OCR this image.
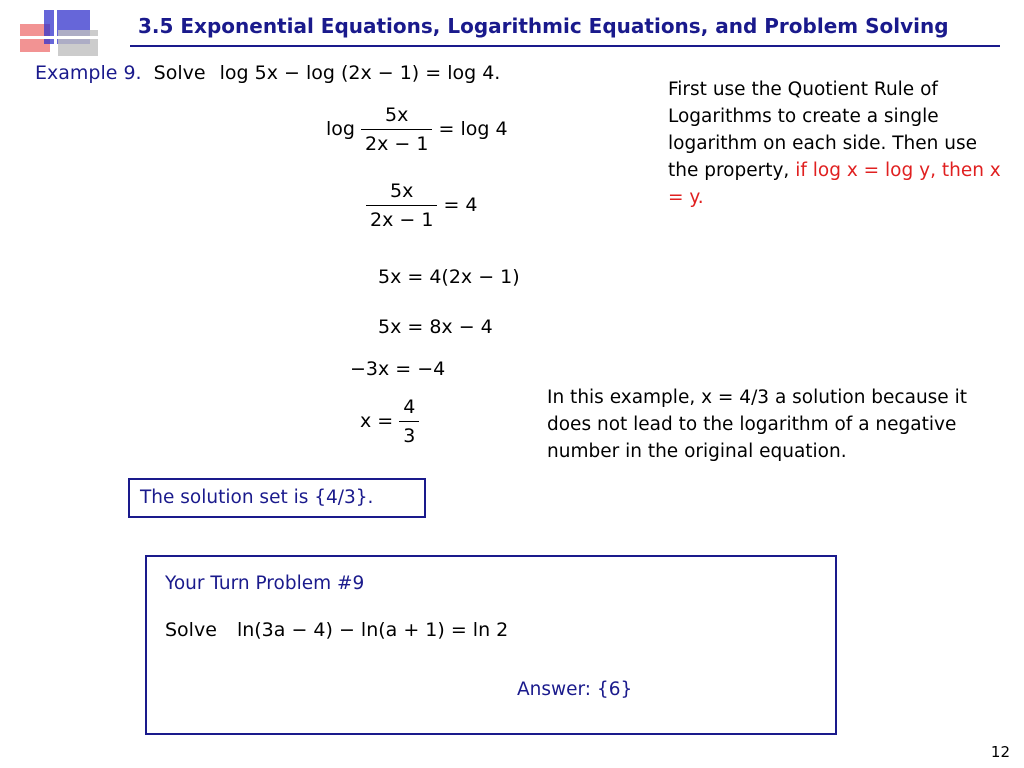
3.5 Exponential Equations, Logarithmic Equations, and Problem Solving
Example 9. Solve log 5x − log (2x − 1) = log 4.
$\log \frac{5x}{2x - 1} = \log 4$
$\frac{5x}{2x - 1} = 4$
5x = 4(2x − 1)
5x = 8x − 4
−3x = −4
$x = \frac{4}{3}$
First use the Quotient Rule of Logarithms to create a single logarithm on each side. Then use the property, if log x = log y, then x = y.
In this example, x = 4/3 a solution because it does not lead to the logarithm of a negative number in the original equation.
The solution set is {4/3}.
Your Turn Problem #9
Solve ln(3a − 4) − ln(a + 1) = ln 2
Answer: {6}
12
